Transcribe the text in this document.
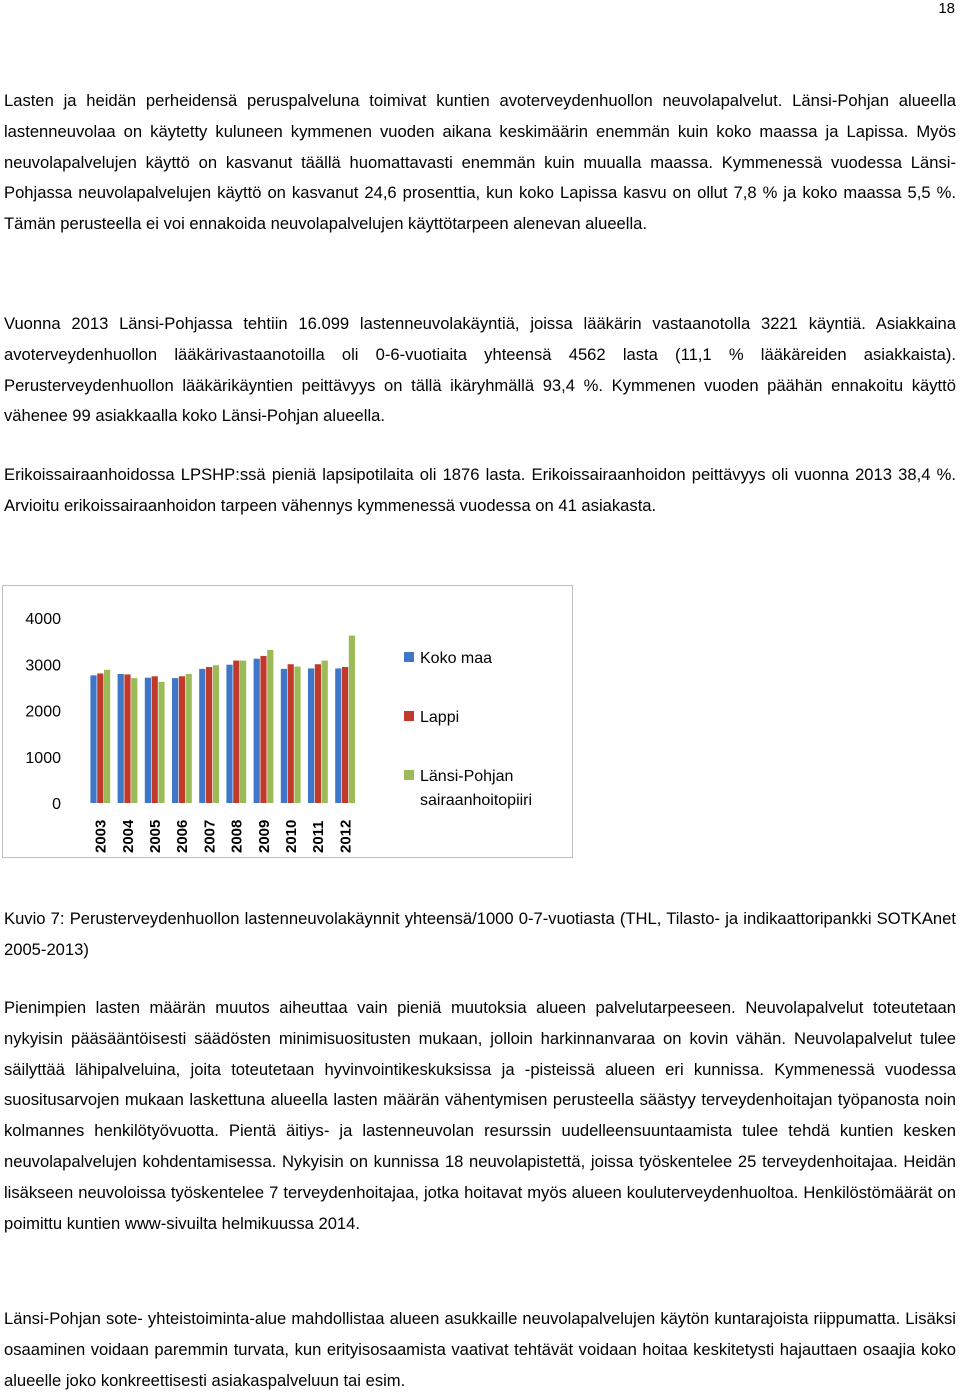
18

Lasten ja heidän perheidensä peruspalveluna toimivat kuntien avoterveydenhuollon neuvolapalvelut. Länsi-Pohjan alueella lastenneuvolaa on käytetty kuluneen kymmenen vuoden aikana keskimäärin enemmän kuin koko maassa ja Lapissa. Myös neuvolapalvelujen käyttö on kasvanut täällä huomattavasti enemmän kuin muualla maassa. Kymmenessä vuodessa Länsi-Pohjassa neuvolapalvelujen käyttö on kasvanut 24,6 prosenttia, kun koko Lapissa kasvu on ollut 7,8 % ja koko maassa 5,5 %. Tämän perusteella ei voi ennakoida neuvolapalvelujen käyttötarpeen alenevan alueella.

Vuonna 2013 Länsi-Pohjassa tehtiin 16.099 lastenneuvolakäyntiä, joissa lääkärin vastaanotolla 3221 käyntiä. Asiakkaina avoterveydenhuollon lääkärivastaanotoilla oli 0-6-vuotiaita yhteensä 4562 lasta (11,1 % lääkäreiden asiakkaista). Perusterveydenhuollon lääkärikäyntien peittävyys on tällä ikäryhmällä 93,4 %. Kymmenen vuoden päähän ennakoitu käyttö vähenee 99 asiakkaalla koko Länsi-Pohjan alueella.

Erikoissairaanhoidossa LPSHP:ssä pieniä lapsipotilaita oli 1876 lasta. Erikoissairaanhoidon peittävyys oli vuonna 2013 38,4 %. Arvioitu erikoissairaanhoidon tarpeen vähennys kymmenessä vuodessa on 41 asiakasta.

0
1000
2000
3000
4000
2003 2004 2005 2006 2007 2008 2009 2010 2011 2012
Koko maa
Lappi
Länsi-Pohjan
sairaanhoitopiiri

Kuvio 7: Perusterveydenhuollon lastenneuvolakäynnit yhteensä/1000 0-7-vuotiasta (THL, Tilasto- ja indikaattoripankki SOTKAnet 2005-2013)

Pienimpien lasten määrän muutos aiheuttaa vain pieniä muutoksia alueen palvelutarpeeseen. Neuvolapalvelut toteutetaan nykyisin pääsääntöisesti säädösten minimisuositusten mukaan, jolloin harkinnanvaraa on kovin vähän. Neuvolapalvelut tulee säilyttää lähipalveluina, joita toteutetaan hyvinvointikeskuksissa ja -pisteissä alueen eri kunnissa. Kymmenessä vuodessa suositusarvojen mukaan laskettuna alueella lasten määrän vähentymisen perusteella säästyy terveydenhoitajan työpanosta noin kolmannes henkilötyövuotta. Pientä äitiys- ja lastenneuvolan resurssin uudelleensuuntaamista tulee tehdä kuntien kesken neuvolapalvelujen kohdentamisessa. Nykyisin on kunnissa 18 neuvolapistettä, joissa työskentelee 25 terveydenhoitajaa. Heidän lisäkseen neuvoloissa työskentelee 7 terveydenhoitajaa, jotka hoitavat myös alueen kouluterveydenhuoltoa. Henkilöstömäärät on poimittu kuntien www-sivuilta helmikuussa 2014.

Länsi-Pohjan sote- yhteistoiminta-alue mahdollistaa alueen asukkaille neuvolapalvelujen käytön kuntarajoista riippumatta. Lisäksi osaaminen voidaan paremmin turvata, kun erityisosaamista vaativat tehtävät voidaan hoitaa keskitetysti hajauttaen osaajia koko alueelle joko konkreettisesti asiakaspalveluun tai esim.
